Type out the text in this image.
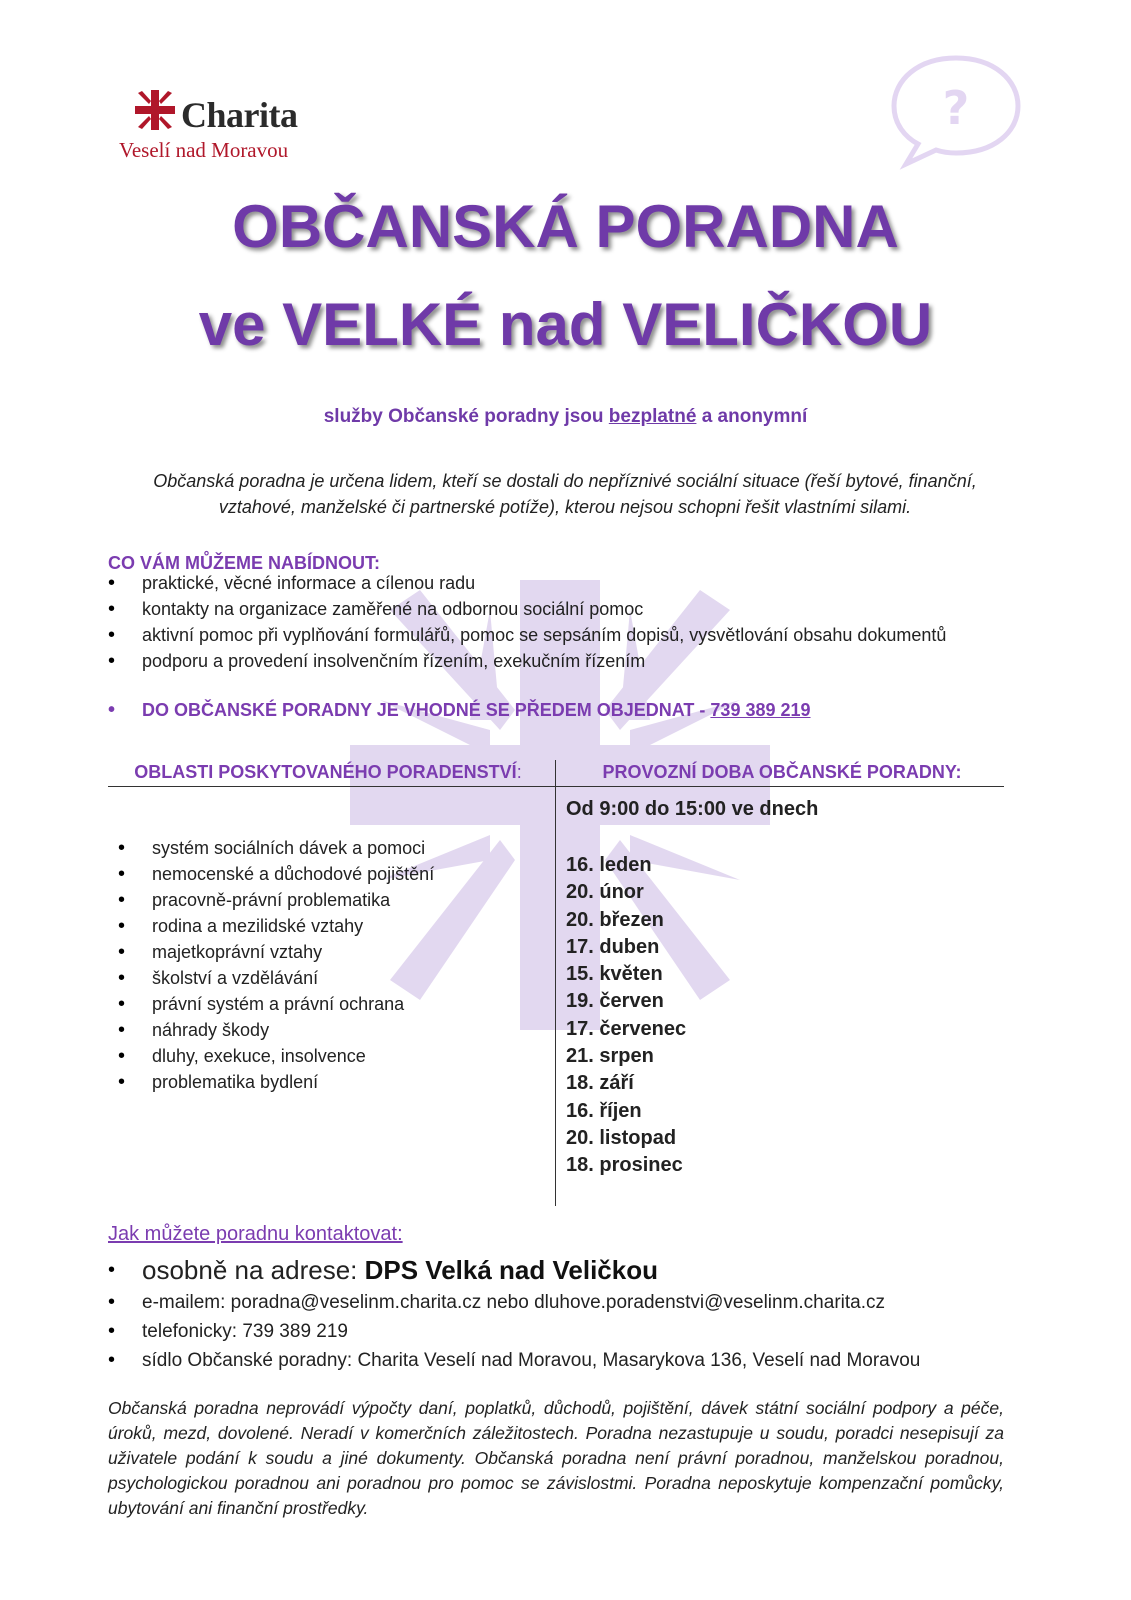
Charita
Veselí nad Moravou
?
OBČANSKÁ PORADNA
ve VELKÉ nad VELIČKOU
služby Občanské poradny jsou bezplatné a anonymní
Občanská poradna je určena lidem, kteří se dostali do nepříznivé sociální situace (řeší bytové, finanční, vztahové, manželské či partnerské potíže), kterou nejsou schopni řešit vlastními silami.
CO VÁM MŮŽEME NABÍDNOUT:
• praktické, věcné informace a cílenou radu
• kontakty na organizace zaměřené na odbornou sociální pomoc
• aktivní pomoc při vyplňování formulářů, pomoc se sepsáním dopisů, vysvětlování obsahu dokumentů
• podporu a provedení insolvenčním řízením, exekučním řízením
• DO OBČANSKÉ PORADNY JE VHODNÉ SE PŘEDEM OBJEDNAT - 739 389 219
OBLASTI POSKYTOVANÉHO PORADENSTVÍ:	PROVOZNÍ DOBA OBČANSKÉ PORADNY:
• systém sociálních dávek a pomoci
• nemocenské a důchodové pojištění
• pracovně-právní problematika
• rodina a mezilidské vztahy
• majetkoprávní vztahy
• školství a vzdělávání
• právní systém a právní ochrana
• náhrady škody
• dluhy, exekuce, insolvence
• problematika bydlení
Od 9:00 do 15:00 ve dnech
16. leden
20. únor
20. březen
17. duben
15. květen
19. červen
17. červenec
21. srpen
18. září
16. říjen
20. listopad
18. prosinec
Jak můžete poradnu kontaktovat:
• osobně na adrese: DPS Velká nad Veličkou
• e-mailem: poradna@veselinm.charita.cz nebo dluhove.poradenstvi@veselinm.charita.cz
• telefonicky: 739 389 219
• sídlo Občanské poradny: Charita Veselí nad Moravou, Masarykova 136, Veselí nad Moravou
Občanská poradna neprovádí výpočty daní, poplatků, důchodů, pojištění, dávek státní sociální podpory a péče, úroků, mezd, dovolené. Neradí v komerčních záležitostech. Poradna nezastupuje u soudu, poradci nesepisují za uživatele podání k soudu a jiné dokumenty. Občanská poradna není právní poradnou, manželskou poradnou, psychologickou poradnou ani poradnou pro pomoc se závislostmi. Poradna neposkytuje kompenzační pomůcky, ubytování ani finanční prostředky.
